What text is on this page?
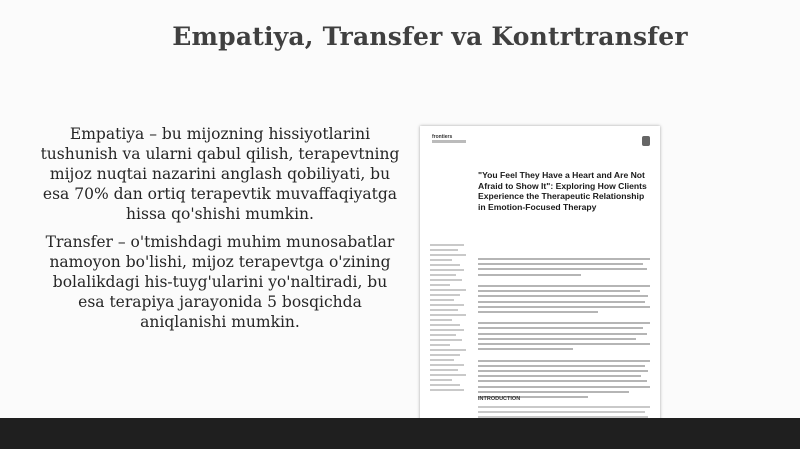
Empatiya, Transfer va Kontrtransfer
Empatiya – bu mijozning hissiyotlarini tushunish va ularni qabul qilish, terapevtning mijoz nuqtai nazarini anglash qobiliyati, bu esa 70% dan ortiq terapevtik muvaffaqiyatga hissa qo'shishi mumkin.
Transfer – o'tmishdagi muhim munosabatlar namoyon bo'lishi, mijoz terapevtga o'zining bolalikdagi his-tuyg'ularini yo'naltiradi, bu esa terapiya jarayonida 5 bosqichda aniqlanishi mumkin.
frontiers
"You Feel They Have a Heart and Are Not Afraid to Show It": Exploring How Clients Experience the Therapeutic Relationship in Emotion-Focused Therapy
INTRODUCTION
